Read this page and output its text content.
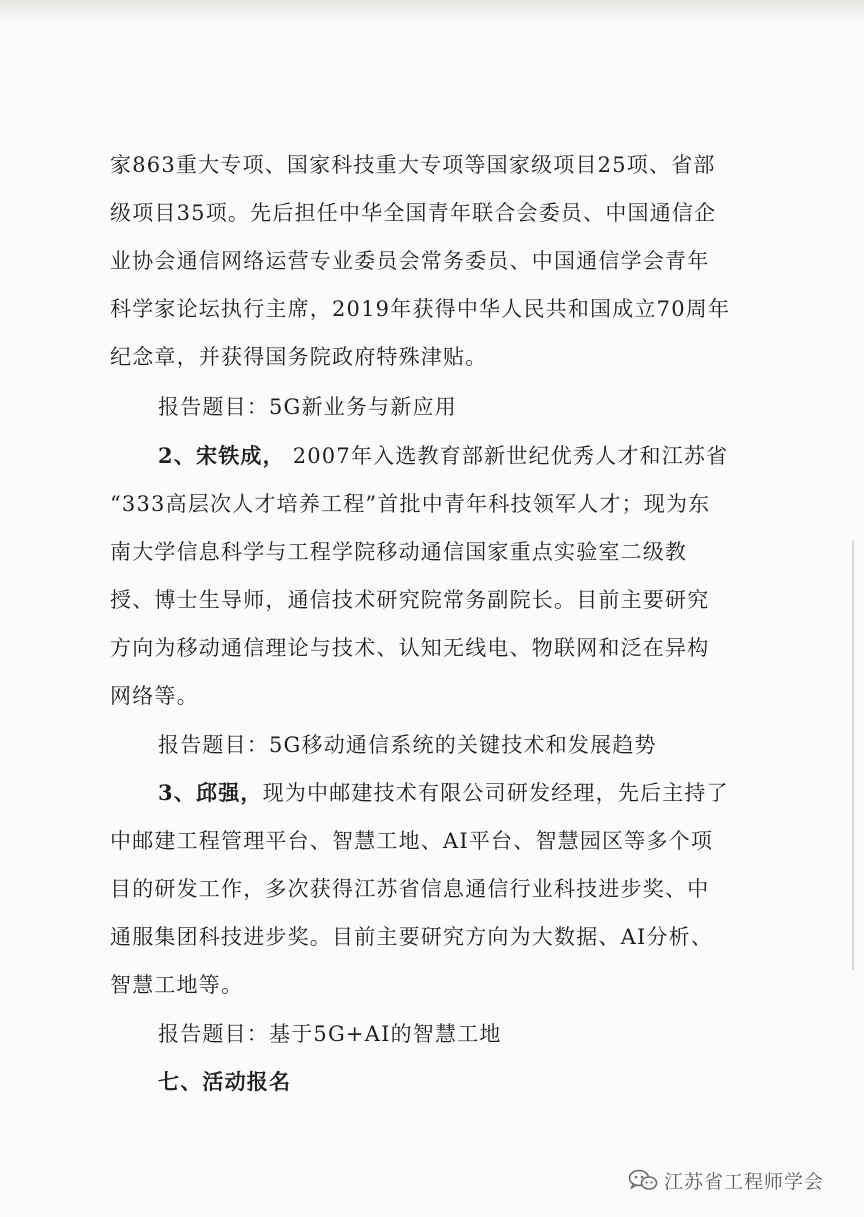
家863重大专项、国家科技重大专项等国家级项目25项、省部
级项目35项。先后担任中华全国青年联合会委员、中国通信企
业协会通信网络运营专业委员会常务委员、中国通信学会青年
科学家论坛执行主席，2019年获得中华人民共和国成立70周年
纪念章，并获得国务院政府特殊津贴。
报告题目：5G新业务与新应用
2、宋铁成， 2007年入选教育部新世纪优秀人才和江苏省
“333高层次人才培养工程”首批中青年科技领军人才；现为东
南大学信息科学与工程学院移动通信国家重点实验室二级教
授、博士生导师，通信技术研究院常务副院长。目前主要研究
方向为移动通信理论与技术、认知无线电、物联网和泛在异构
网络等。
报告题目：5G移动通信系统的关键技术和发展趋势
3、邱强，现为中邮建技术有限公司研发经理，先后主持了
中邮建工程管理平台、智慧工地、AI平台、智慧园区等多个项
目的研发工作，多次获得江苏省信息通信行业科技进步奖、中
通服集团科技进步奖。目前主要研究方向为大数据、AI分析、
智慧工地等。
报告题目：基于5G+AI的智慧工地
七、活动报名
江苏省工程师学会
